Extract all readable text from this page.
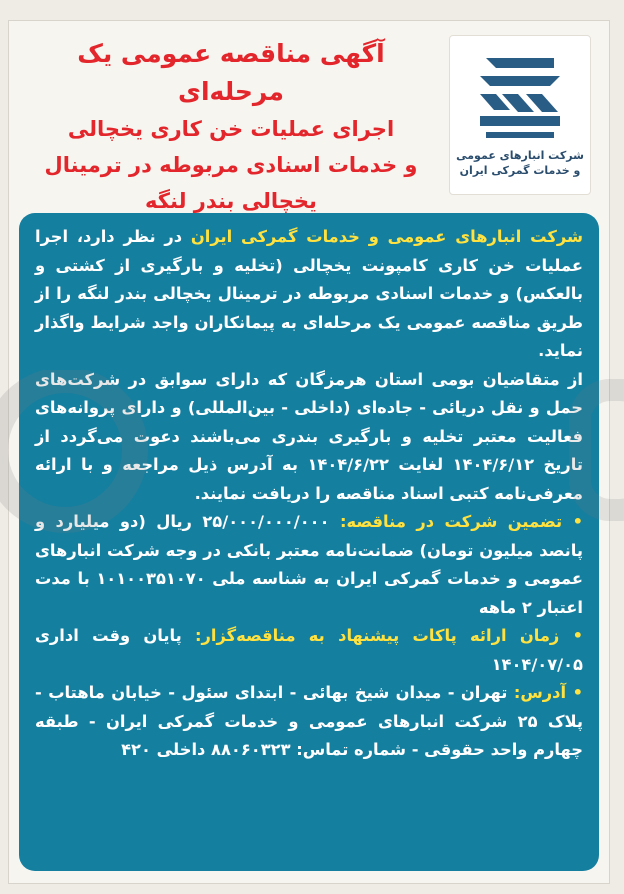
شرکت انبارهای عمومی
و خدمات گمرکی ایران
آگهی مناقصه عمومی یک مرحله‌ای
اجرای عملیات خن کاری یخچالی
و خدمات اسنادی مربوطه در ترمینال
یخچالی بندر لنگه

شرکت انبارهای عمومی و خدمات گمرکی ایران در نظر دارد، اجرا عملیات خن کاری کامپونت یخچالی (تخلیه و بارگیری از کشتی و بالعکس) و خدمات اسنادی مربوطه در ترمینال یخچالی بندر لنگه را از طریق مناقصه عمومی یک مرحله‌ای به پیمانکاران واجد شرایط واگذار نماید.

از متقاضیان بومی استان هرمزگان که دارای سوابق در شرکت‌های حمل و نقل دریائی - جاده‌ای (داخلی - بین‌المللی) و دارای پروانه‌های فعالیت معتبر تخلیه و بارگیری بندری می‌باشند دعوت می‌گردد از تاریخ ۱۴۰۴/۶/۱۲ لغایت ۱۴۰۴/۶/۲۲ به آدرس ذیل مراجعه و با ارائه معرفی‌نامه کتبی اسناد مناقصه را دریافت نمایند.

• تضمین شرکت در مناقصه: ۲۵/۰۰۰/۰۰۰/۰۰۰ ریال (دو میلیارد و پانصد میلیون تومان) ضمانت‌نامه معتبر بانکی در وجه شرکت انبارهای عمومی و خدمات گمرکی ایران به شناسه ملی ۱۰۱۰۰۳۵۱۰۷۰ با مدت اعتبار ۲ ماهه

• زمان ارائه پاکات پیشنهاد به مناقصه‌گزار: پایان وقت اداری ۱۴۰۴/۰۷/۰۵

• آدرس: تهران - میدان شیخ بهائی - ابتدای سئول - خیابان ماهتاب - پلاک ۲۵ شرکت انبارهای عمومی و خدمات گمرکی ایران - طبقه چهارم واحد حقوقی - شماره تماس: ۸۸۰۶۰۳۲۳ داخلی ۴۲۰
